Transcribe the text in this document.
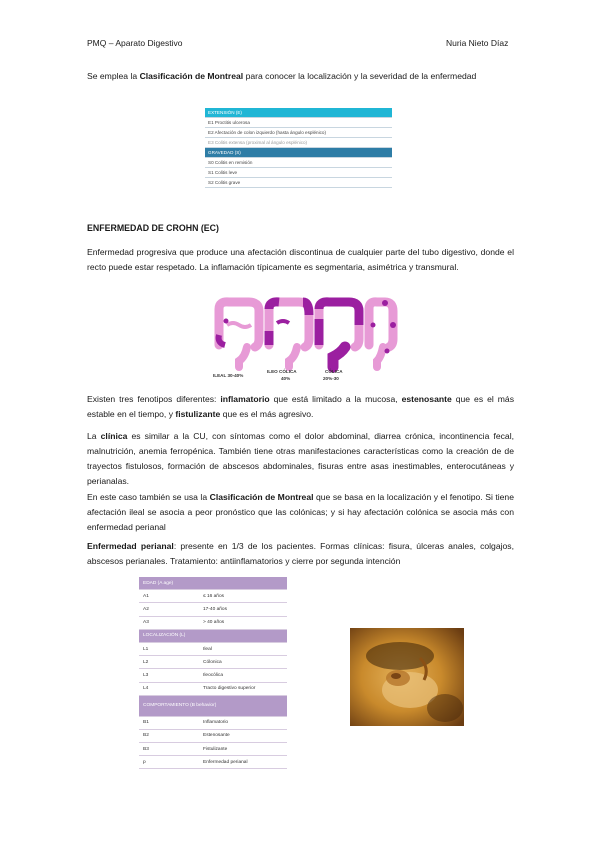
PMQ – Aparato Digestivo	Nuria Nieto Díaz
Se emplea la Clasificación de Montreal para conocer la localización y la severidad de la enfermedad
EXTENSIÓN (E)
E1 Proctitis ulcerosa
E2 Afectación de colon izquierdo (hasta ángulo esplénico)
E3 Colitis extensa (proximal al ángulo esplénico)
GRAVEDAD (S)
S0 Colitis en remisión
S1 Colitis leve
S2 Colitis grave
ENFERMEDAD DE CROHN (EC)
Enfermedad progresiva que produce una afectación discontinua de cualquier parte del tubo digestivo, donde el recto puede estar respetado. La inflamación típicamente es segmentaria, asimétrica y transmural.
ILEAL 30-40%
ILEO CÓLICA
40%
CÓLICA
20%-30
Existen tres fenotipos diferentes: inflamatorio que está limitado a la mucosa, estenosante que es el más estable en el tiempo, y fistulizante que es el más agresivo.
La clínica es similar a la CU, con síntomas como el dolor abdominal, diarrea crónica, incontinencia fecal, malnutrición, anemia ferropénica. También tiene otras manifestaciones características como la creación de de trayectos fistulosos, formación de abscesos abdominales, fisuras entre asas inestimables, enterocutáneas y perianalas.
En este caso también se usa la Clasificación de Montreal que se basa en la localización y el fenotipo. Si tiene afectación ileal se asocia a peor pronóstico que las colónicas; y si hay afectación colónica se asocia más con enfermedad perianal
Enfermedad perianal: presente en 1/3 de los pacientes. Formas clínicas: fisura, úlceras anales, colgajos, abscesos perianales. Tratamiento: antiinflamatorios y cierre por segunda intención
EDAD (A age)	
A1	≤ 16 años
A2	17-40 años
A3	> 40 años
LOCALIZACIÓN (L)	
L1	Ileal
L2	Cólonica
L3	Ileocólica
L4	Tracto digestivo superior
COMPORTAMIENTO (B behavior)	
B1	Inflamatorio
B2	Estenosante
B3	Fistulizante
p	Enfermedad perianal
